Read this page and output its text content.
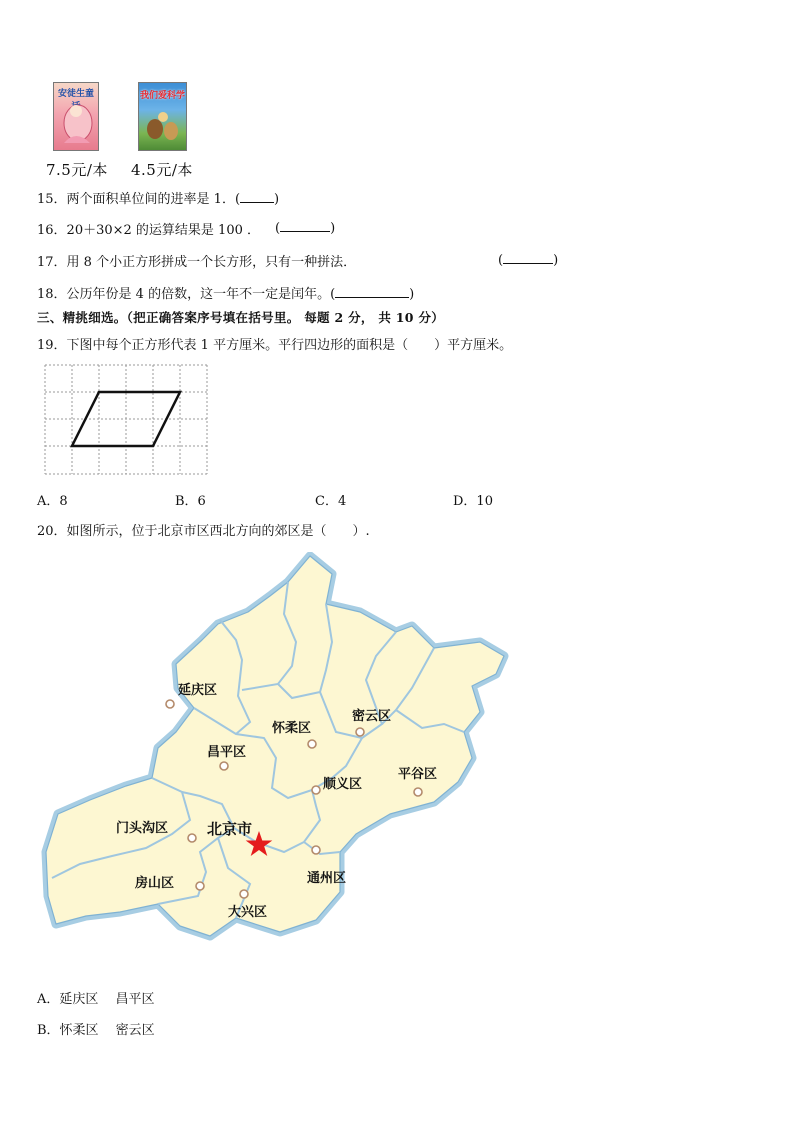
安徒生童	我们爱科学
7.5元/本 4.5元/本
15．两个面积单位间的进率是 1．(	)
16．20＋30×2 的运算结果是 100 ． (	)
17．用 8 个小正方形拼成一个长方形，只有一种拼法．	(	)
18．公历年份是 4 的倍数，这一年不一定是闰年。(	)
三、精挑细选。（把正确答案序号填在括号里。 每题 2 分， 共 10 分）
19．下图中每个正方形代表 1 平方厘米。平行四边形的面积是（　　）平方厘米。
A．8	B．6	C．4	D．10
20．如图所示，位于北京市区西北方向的郊区是（　　）.
延庆区
怀柔区
密云区
昌平区
顺义区
平谷区
门头沟区	北京市
通州区
房山区
大兴区
A．延庆区　 昌平区
B．怀柔区　 密云区
